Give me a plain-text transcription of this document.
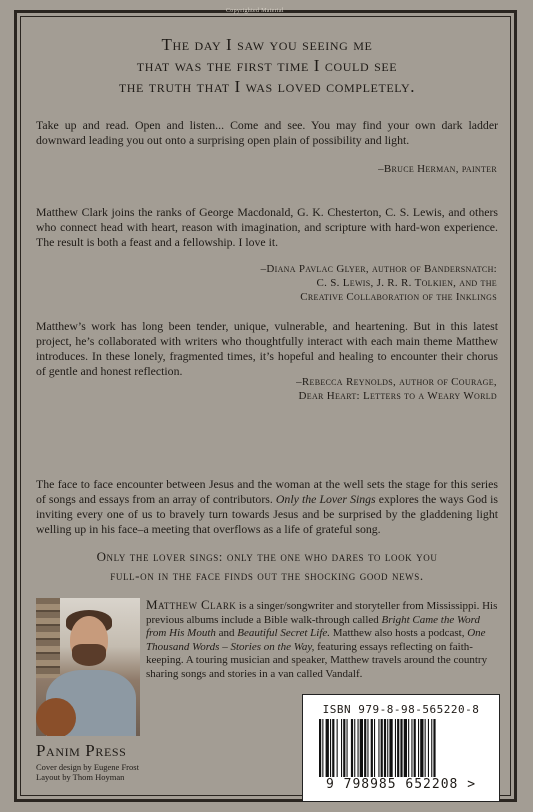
Copyrighted Material
The day I saw you seeing me
that was the first time I could see
the truth that I was loved completely.
Take up and read. Open and listen... Come and see. You may find your own dark ladder downward leading you out onto a surprising open plain of possibility and light.
–Bruce Herman, painter
Matthew Clark joins the ranks of George Macdonald, G. K. Chesterton, C. S. Lewis, and others who connect head with heart, reason with imagination, and scripture with hard-won experience. The result is both a feast and a fellowship. I love it.
–Diana Pavlac Glyer, author of Bandersnatch:
C. S. Lewis, J. R. R. Tolkien, and the
Creative Collaboration of the Inklings
Matthew’s work has long been tender, unique, vulnerable, and heartening. But in this latest project, he’s collaborated with writers who thoughtfully interact with each main theme Matthew introduces. In these lonely, fragmented times, it’s hopeful and healing to encounter their chorus of gentle and honest reflection.
–Rebecca Reynolds, author of Courage,
Dear Heart: Letters to a Weary World
The face to face encounter between Jesus and the woman at the well sets the stage for this series of songs and essays from an array of contributors. Only the Lover Sings explores the ways God is inviting every one of us to bravely turn towards Jesus and be surprised by the gladdening light welling up in his face–a meeting that overflows as a life of grateful song.
Only the lover sings: only the one who dares to look you
full-on in the face finds out the shocking good news.
Matthew Clark is a singer/songwriter and storyteller from Mississippi. His previous albums include a Bible walk-through called Bright Came the Word from His Mouth and Beautiful Secret Life. Matthew also hosts a podcast, One Thousand Words – Stories on the Way, featuring essays reflecting on faith-keeping. A touring musician and speaker, Matthew travels around the country sharing songs and stories in a van called Vandalf.
Panim Press
Cover design by Eugene Frost
Layout by Thom Hoyman
ISBN 979-8-98-565220-8
9 798985 652208 >
